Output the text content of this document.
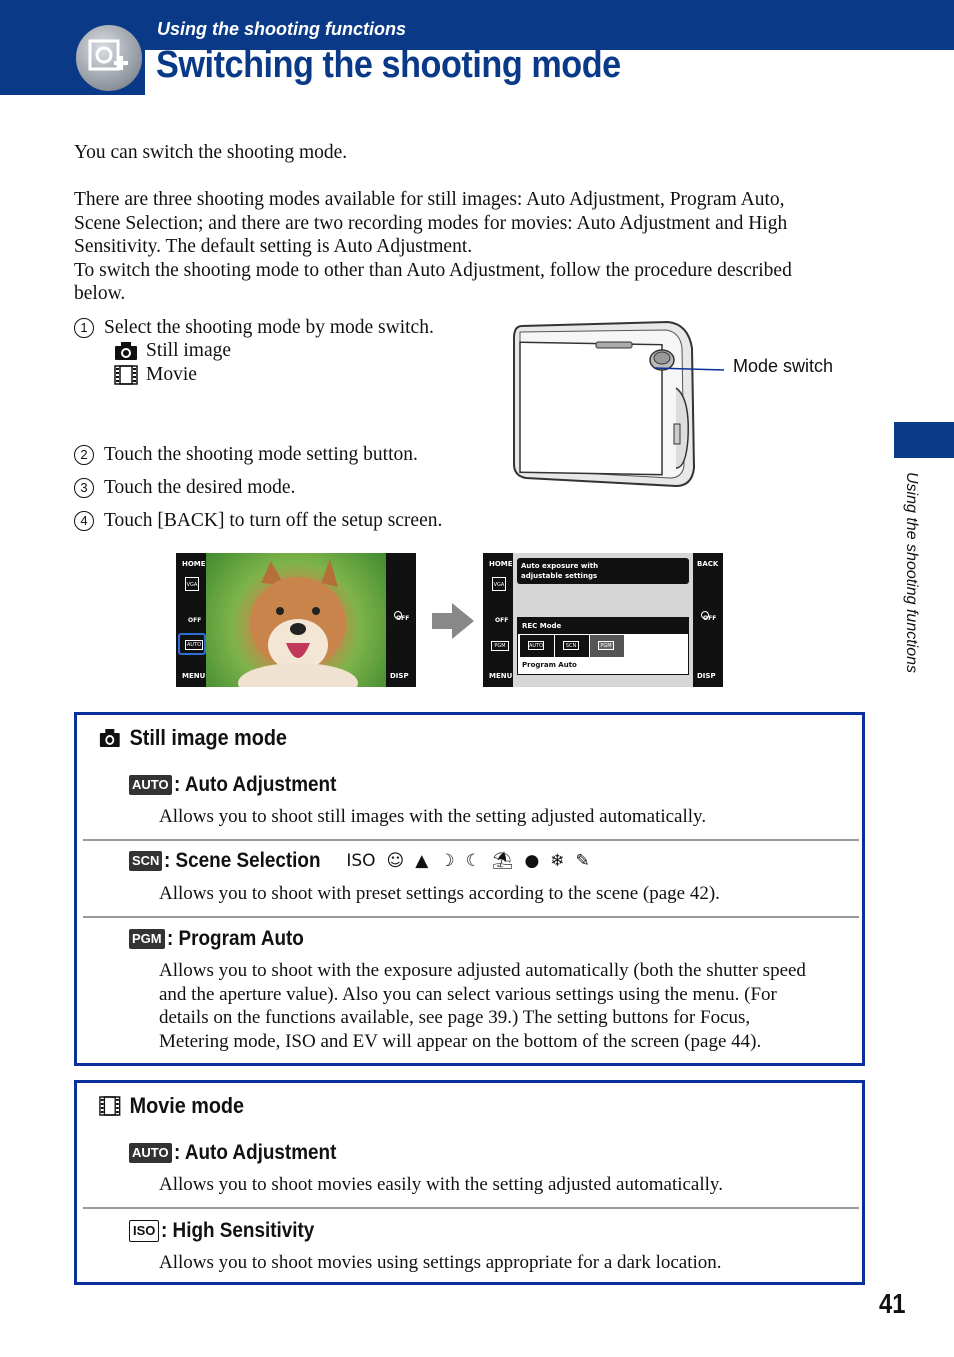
Using the shooting functions
Switching the shooting mode
Using the shooting functions
You can switch the shooting mode.
There are three shooting modes available for still images: Auto Adjustment, Program Auto,
Scene Selection; and there are two recording modes for movies: Auto Adjustment and High
Sensitivity. The default setting is Auto Adjustment.
To switch the shooting mode to other than Auto Adjustment, follow the procedure described
below.
1 Select the shooting mode by mode switch.
Still image
Movie
2 Touch the shooting mode setting button.
3 Touch the desired mode.
4 Touch [BACK] to turn off the setup screen.
Mode switch
HOME
VGA
OFF
AUTO
MENU	DISP
OFF
Auto exposure with
adjustable settings
REC Mode
AUTO	SCN	PGM
Program Auto
HOME
VGA
OFF
PGM
MENU
BACK
DISP
OFF
Still image mode
AUTO : Auto Adjustment
Allows you to shoot still images with the setting adjusted automatically.
SCN : Scene Selection ISO ☺ ▲ ☽ ☾ ⛱ ● ❄ ✎
Allows you to shoot with preset settings according to the scene (page 42).
PGM : Program Auto
Allows you to shoot with the exposure adjusted automatically (both the shutter speed
and the aperture value). Also you can select various settings using the menu. (For
details on the functions available, see page 39.) The setting buttons for Focus,
Metering mode, ISO and EV will appear on the bottom of the screen (page 44).
Movie mode
AUTO : Auto Adjustment
Allows you to shoot movies easily with the setting adjusted automatically.
ISO : High Sensitivity
Allows you to shoot movies using settings appropriate for a dark location.
41
